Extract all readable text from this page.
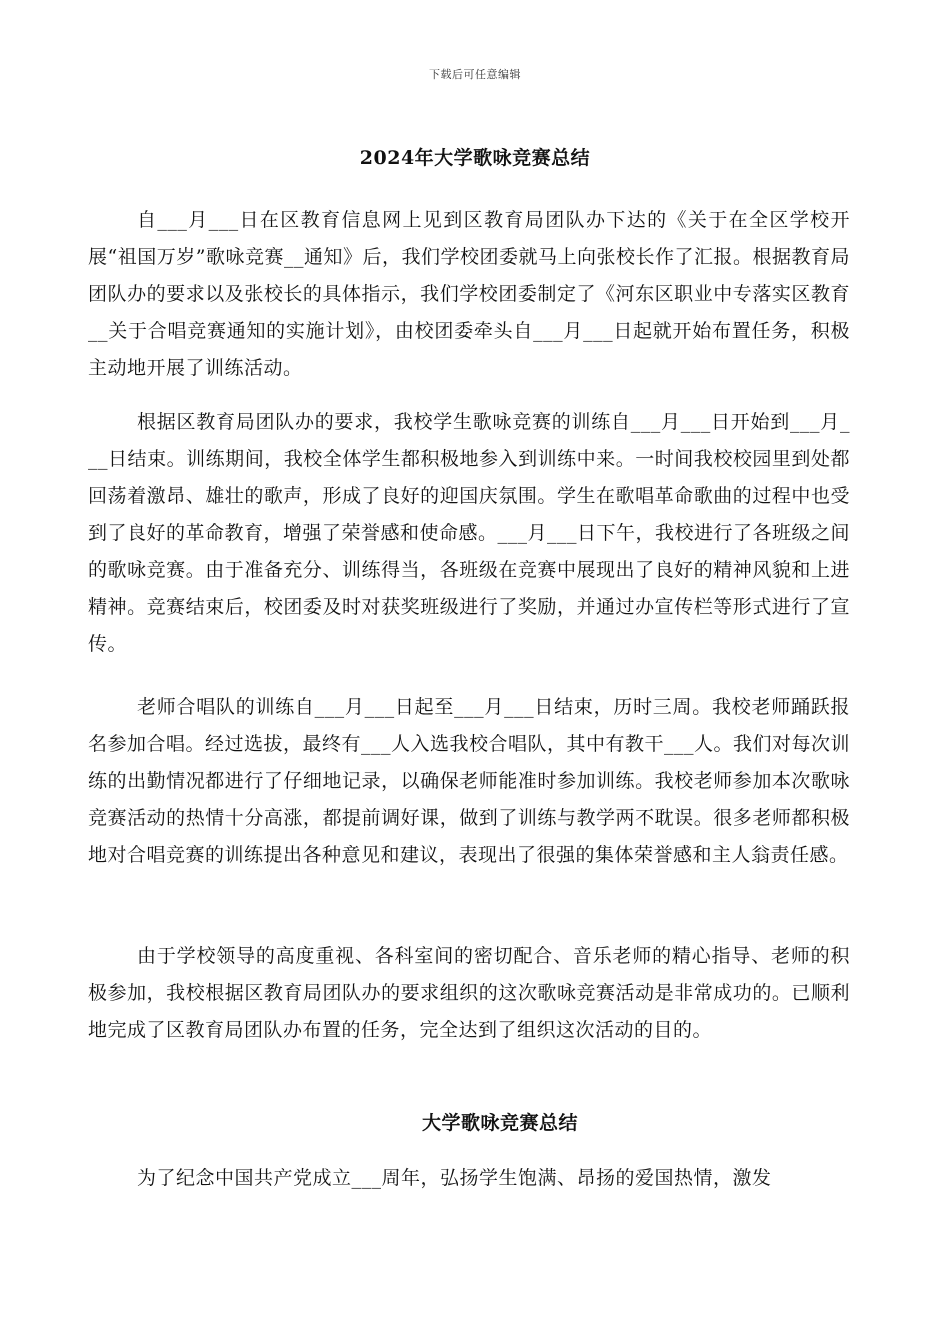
下载后可任意编辑
2024年大学歌咏竞赛总结

自___月___日在区教育信息网上见到区教育局团队办下达的《关于在全区学校开展“祖国万岁”歌咏竞赛__通知》后，我们学校团委就马上向张校长作了汇报。根据教育局团队办的要求以及张校长的具体指示，我们学校团委制定了《河东区职业中专落实区教育__关于合唱竞赛通知的实施计划》，由校团委牵头自___月___日起就开始布置任务，积极主动地开展了训练活动。

根据区教育局团队办的要求，我校学生歌咏竞赛的训练自___月___日开始到___月___日结束。训练期间，我校全体学生都积极地参入到训练中来。一时间我校校园里到处都回荡着激昂、雄壮的歌声，形成了良好的迎国庆氛围。学生在歌唱革命歌曲的过程中也受到了良好的革命教育，增强了荣誉感和使命感。___月___日下午，我校进行了各班级之间的歌咏竞赛。由于准备充分、训练得当，各班级在竞赛中展现出了良好的精神风貌和上进精神。竞赛结束后，校团委及时对获奖班级进行了奖励，并通过办宣传栏等形式进行了宣传。

老师合唱队的训练自___月___日起至___月___日结束，历时三周。我校老师踊跃报名参加合唱。经过选拔，最终有___人入选我校合唱队，其中有教干___人。我们对每次训练的出勤情况都进行了仔细地记录，以确保老师能准时参加训练。我校老师参加本次歌咏竞赛活动的热情十分高涨，都提前调好课，做到了训练与教学两不耽误。很多老师都积极地对合唱竞赛的训练提出各种意见和建议，表现出了很强的集体荣誉感和主人翁责任感。

由于学校领导的高度重视、各科室间的密切配合、音乐老师的精心指导、老师的积极参加，我校根据区教育局团队办的要求组织的这次歌咏竞赛活动是非常成功的。已顺利地完成了区教育局团队办布置的任务，完全达到了组织这次活动的目的。

大学歌咏竞赛总结

为了纪念中国共产党成立___周年，弘扬学生饱满、昂扬的爱国热情，激发
